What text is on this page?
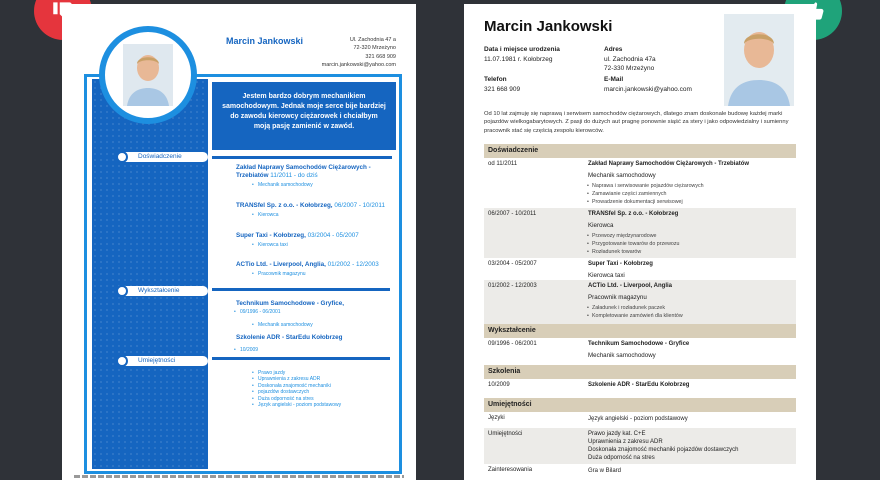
Marcin Jankowski	Ul. Zachodnia 47 a
72-320 Mrzeżyno
321 668 909
marcin.jankowski@yahoo.com
Jestem bardzo dobrym mechanikiem samochodowym. Jednak moje serce bije bardziej do zawodu kierowcy ciężarowek i chciałbym moją pasję zamienić w zawód.
Doświadczenie
Zakład Naprawy Samochodów Ciężarowych - Trzebiatów 11/2011 - do dziś
• Mechanik samochodowy
TRANSfel Sp. z o.o. - Kołobrzeg, 06/2007 - 10/2011
• Kierowca
Super Taxi - Kołobrzeg, 03/2004 - 05/2007
• Kierowca taxi
ACTio Ltd. - Liverpool, Anglia, 01/2002 - 12/2003
• Pracownik magazynu
Wykształcenie
Technikum Samochodowe - Gryfice,
• 09/1996 - 06/2001
• Mechanik samochodowy
Szkolenie ADR - StarEdu Kołobrzeg
• 10/2009
Umiejętności
• Prawo jazdy
• Uprawnienia z zakresu ADR
• Doskonała znajomość mechaniki
• pojazdów dostawczych
• Duża odporność na stres
• Język angielski - poziom podstawowy
Marcin Jankowski
Data i miejsce urodzenia
11.07.1981 r. Kołobrzeg
Adres
ul. Zachodnia 47a
72-330 Mrzeżyno
Telefon
321 668 909
E-Mail
marcin.jankowski@yahoo.com
Od 10 lat zajmuję się naprawą i serwisem samochodów ciężarowych, dlatego znam doskonale budowę każdej marki pojazdów wielkogabarytowych. Z pasji do dużych aut pragnę ponownie siąść za stery i jako odpowiedzialny i sumienny pracownik stać się częścią zespołu kierowców.
Doświadczenie
od 11/2011	Zakład Naprawy Samochodów Ciężarowych - Trzebiatów
Mechanik samochodowy
• Naprawa i serwisowanie pojazdów ciężarowych
• Zamawianie części zamiennych
• Prowadzenie dokumentacji serwisowej
06/2007 - 10/2011	TRANSfel Sp. z o.o. - Kołobrzeg
Kierowca
• Przewozy międzynarodowe
• Przygotowanie towarów do przewozu
• Rozładunek towarów
03/2004 - 05/2007	Super Taxi - Kołobrzeg
Kierowca taxi
01/2002 - 12/2003	ACTio Ltd. - Liverpool, Anglia
Pracownik magazynu
• Załadunek i rozładunek paczek
• Kompletowanie zamówień dla klientów
Wykształcenie
09/1996 - 06/2001	Technikum Samochodowe - Gryfice
Mechanik samochodowy
Szkolenia
10/2009	Szkolenie ADR - StarEdu Kołobrzeg
Umiejętności
Języki	Język angielski - poziom podstawowy
Umiejętności	Prawo jazdy kat. C+E
Uprawnienia z zakresu ADR
Doskonała znajomość mechaniki pojazdów dostawczych
Duża odporność na stres
Zainteresowania	Gra w Bilard
